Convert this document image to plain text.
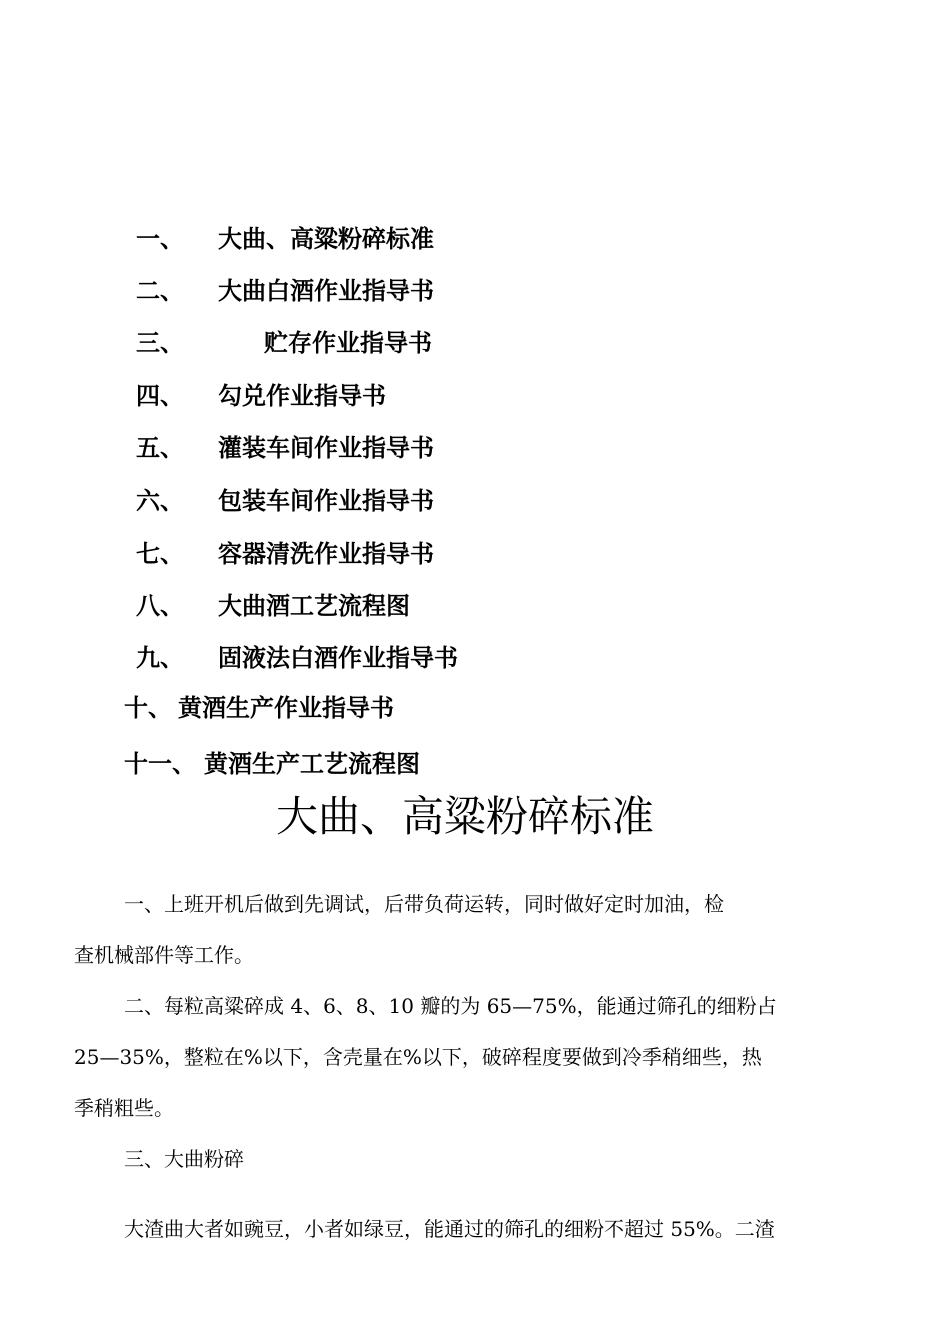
一、 大曲、高粱粉碎标准
二、 大曲白酒作业指导书
三、	贮存作业指导书
四、 勾兑作业指导书
五、 灌装车间作业指导书
六、 包装车间作业指导书
七、 容器清洗作业指导书
八、 大曲酒工艺流程图
九、 固液法白酒作业指导书
十、 黄酒生产作业指导书
十一、 黄酒生产工艺流程图
大曲、高粱粉碎标准
一、上班开机后做到先调试，后带负荷运转，同时做好定时加油，检
查机械部件等工作。
二、每粒高粱碎成 4、6、8、10 瓣的为 65—75%，能通过筛孔的细粉占
25—35%，整粒在%以下，含壳量在%以下，破碎程度要做到冷季稍细些，热
季稍粗些。
三、大曲粉碎
大渣曲大者如豌豆，小者如绿豆，能通过的筛孔的细粉不超过 55%。二渣
